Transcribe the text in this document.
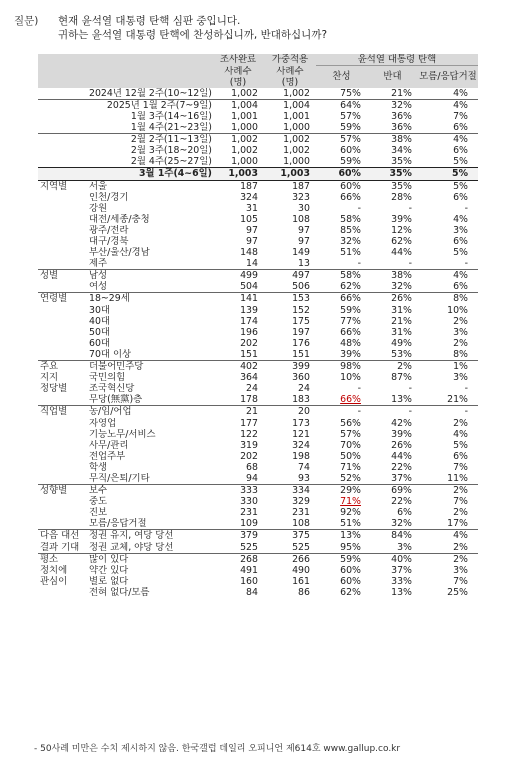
질문) 현재 윤석열 대통령 탄핵 심판 중입니다.
귀하는 윤석열 대통령 탄핵에 찬성하십니까, 반대하십니까?
		조사완료	가중적용	윤석열 대통령 탄핵		
		사례수	사례수	찬성	반대	모름/응답거절
		(명)	(명)			
	2024년 12월 2주(10~12일)	1,002	1,002	75%	21%	4%
	2025년 1월 2주(7~9일)	1,004	1,004	64%	32%	4%
	1월 3주(14~16일)	1,001	1,001	57%	36%	7%
	1월 4주(21~23일)	1,000	1,000	59%	36%	6%
	2월 2주(11~13일)	1,002	1,002	57%	38%	4%
	2월 3주(18~20일)	1,002	1,002	60%	34%	6%
	2월 4주(25~27일)	1,000	1,000	59%	35%	5%
	3월 1주(4~6일)	1,003	1,003	60%	35%	5%
지역별	서울	187	187	60%	35%	5%
	인천/경기	324	323	66%	28%	6%
	강원	31	30	-	-	-
	대전/세종/충청	105	108	58%	39%	4%
	광주/전라	97	97	85%	12%	3%
	대구/경북	97	97	32%	62%	6%
	부산/울산/경남	148	149	51%	44%	5%
	제주	14	13	-	-	-
성별	남성	499	497	58%	38%	4%
	여성	504	506	62%	32%	6%
연령별	18~29세	141	153	66%	26%	8%
	30대	139	152	59%	31%	10%
	40대	174	175	77%	21%	2%
	50대	196	197	66%	31%	3%
	60대	202	176	48%	49%	2%
	70대 이상	151	151	39%	53%	8%
주요	더불어민주당	402	399	98%	2%	1%
지지	국민의힘	364	360	10%	87%	3%
정당별	조국혁신당	24	24	-	-	-
	무당(無黨)층	178	183	66%	13%	21%
직업별	농/임/어업	21	20	-	-	-
	자영업	177	173	56%	42%	2%
	기능노무/서비스	122	121	57%	39%	4%
	사무/관리	319	324	70%	26%	5%
	전업주부	202	198	50%	44%	6%
	학생	68	74	71%	22%	7%
	무직/은퇴/기타	94	93	52%	37%	11%
성향별	보수	333	334	29%	69%	2%
	중도	330	329	71%	22%	7%
	진보	231	231	92%	6%	2%
	모름/응답거절	109	108	51%	32%	17%
다음 대선	정권 유지, 여당 당선	379	375	13%	84%	4%
결과 기대	정권 교체, 야당 당선	525	525	95%	3%	2%
평소	많이 있다	268	266	59%	40%	2%
정치에	약간 있다	491	490	60%	37%	3%
관심이	별로 없다	160	161	60%	33%	7%
	전혀 없다/모름	84	86	62%	13%	25%
- 50사례 미만은 수치 제시하지 않음. 한국갤럽 데일리 오피니언 제614호 www.gallup.co.kr
